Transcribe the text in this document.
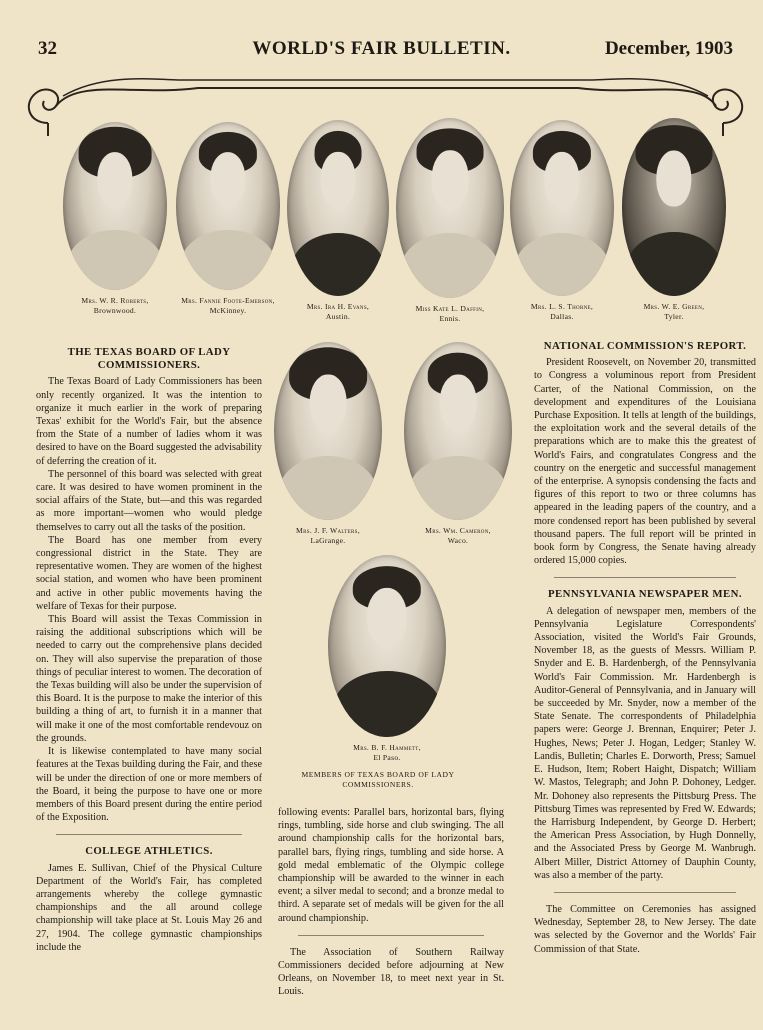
32	WORLD'S FAIR BULLETIN.	December, 1903
Mrs. W. R. Roberts,
Brownwood.
Mrs. Fannie Foote-Emerson,
McKinney.	Mrs. Ira H. Evans,
Austin.
Miss Kate L. Daffin,
Ennis.
Mrs. L. S. Thorne,
Dallas.
Mrs. W. E. Green,
Tyler.
Mrs. J. F. Walters,
LaGrange.
Mrs. Wm. Cameron,
Waco.
Mrs. B. F. Hammett,
El Paso.
MEMBERS OF TEXAS BOARD OF LADY COMMISSIONERS.
THE TEXAS BOARD OF LADY COMMISSIONERS.

The Texas Board of Lady Commissioners has been only recently organized. It was the intention to organize it much earlier in the work of preparing Texas' exhibit for the World's Fair, but the absence from the State of a number of ladies whom it was desired to have on the Board suggested the advisability of deferring the creation of it.

The personnel of this board was selected with great care. It was desired to have women prominent in the social affairs of the State, but—and this was regarded as more important—women who would pledge themselves to carry out all the tasks of the position.

The Board has one member from every congressional district in the State. They are representative women. They are women of the highest social station, and women who have been prominent and active in other public movements having the welfare of Texas for their purpose.

This Board will assist the Texas Commission in raising the additional subscriptions which will be needed to carry out the comprehensive plans decided on. They will also supervise the preparation of those things of peculiar interest to women. The decoration of the Texas building will also be under the supervision of this Board. It is the purpose to make the interior of this building a thing of art, to furnish it in a manner that will make it one of the most comfortable rendevouz on the grounds.

It is likewise contemplated to have many social features at the Texas building during the Fair, and these will be under the direction of one or more members of the Board, it being the purpose to have one or more members of this Board present during the entire period of the Exposition.

COLLEGE ATHLETICS.

James E. Sullivan, Chief of the Physical Culture Department of the World's Fair, has completed arrangements whereby the college gymnastic championships and the all around college championship will take place at St. Louis May 26 and 27, 1904. The college gymnastic championships include the

following events: Parallel bars, horizontal bars, flying rings, tumbling, side horse and club swinging. The all around championship calls for the horizontal bars, parallel bars, flying rings, tumbling and side horse. A gold medal emblematic of the Olympic college championship will be awarded to the winner in each event; a silver medal to second; and a bronze medal to third. A separate set of medals will be given for the all around championship.

The Association of Southern Railway Commissioners decided before adjourning at New Orleans, on November 18, to meet next year in St. Louis.

NATIONAL COMMISSION'S REPORT.

President Roosevelt, on November 20, transmitted to Congress a voluminous report from President Carter, of the National Commission, on the development and expenditures of the Louisiana Purchase Exposition. It tells at length of the buildings, the exploitation work and the several details of the preparations which are to make this the greatest of World's Fairs, and congratulates Congress and the country on the energetic and successful management of the enterprise. A synopsis condensing the facts and figures of this report to two or three columns has appeared in the leading papers of the country, and a more condensed report has been published by several thousand papers. The full report will be printed in book form by Congress, the Senate having already ordered 15,000 copies.

PENNSYLVANIA NEWSPAPER MEN.

A delegation of newspaper men, members of the Pennsylvania Legislature Correspondents' Association, visited the World's Fair Grounds, November 18, as the guests of Messrs. William P. Snyder and E. B. Hardenbergh, of the Pennsylvania World's Fair Commission. Mr. Hardenbergh is Auditor-General of Pennsylvania, and in January will be succeeded by Mr. Snyder, now a member of the State Senate. The correspondents of Philadelphia papers were: George J. Brennan, Enquirer; Peter J. Hughes, News; Peter J. Hogan, Ledger; Stanley W. Landis, Bulletin; Charles E. Dorworth, Press; Samuel E. Hudson, Item; Robert Haight, Dispatch; William W. Mastos, Telegraph; and John P. Dohoney, Ledger. Mr. Dohoney also represents the Pittsburg Press. The Pittsburg Times was represented by Fred W. Edwards; the Harrisburg Independent, by George D. Herbert; the American Press Association, by Hugh Donnelly, and the Associated Press by George M. Wanbrugh. Albert Miller, District Attorney of Dauphin County, was also a member of the party.

The Committee on Ceremonies has assigned Wednesday, September 28, to New Jersey. The date was selected by the Governor and the Worlds' Fair Commission of that State.
